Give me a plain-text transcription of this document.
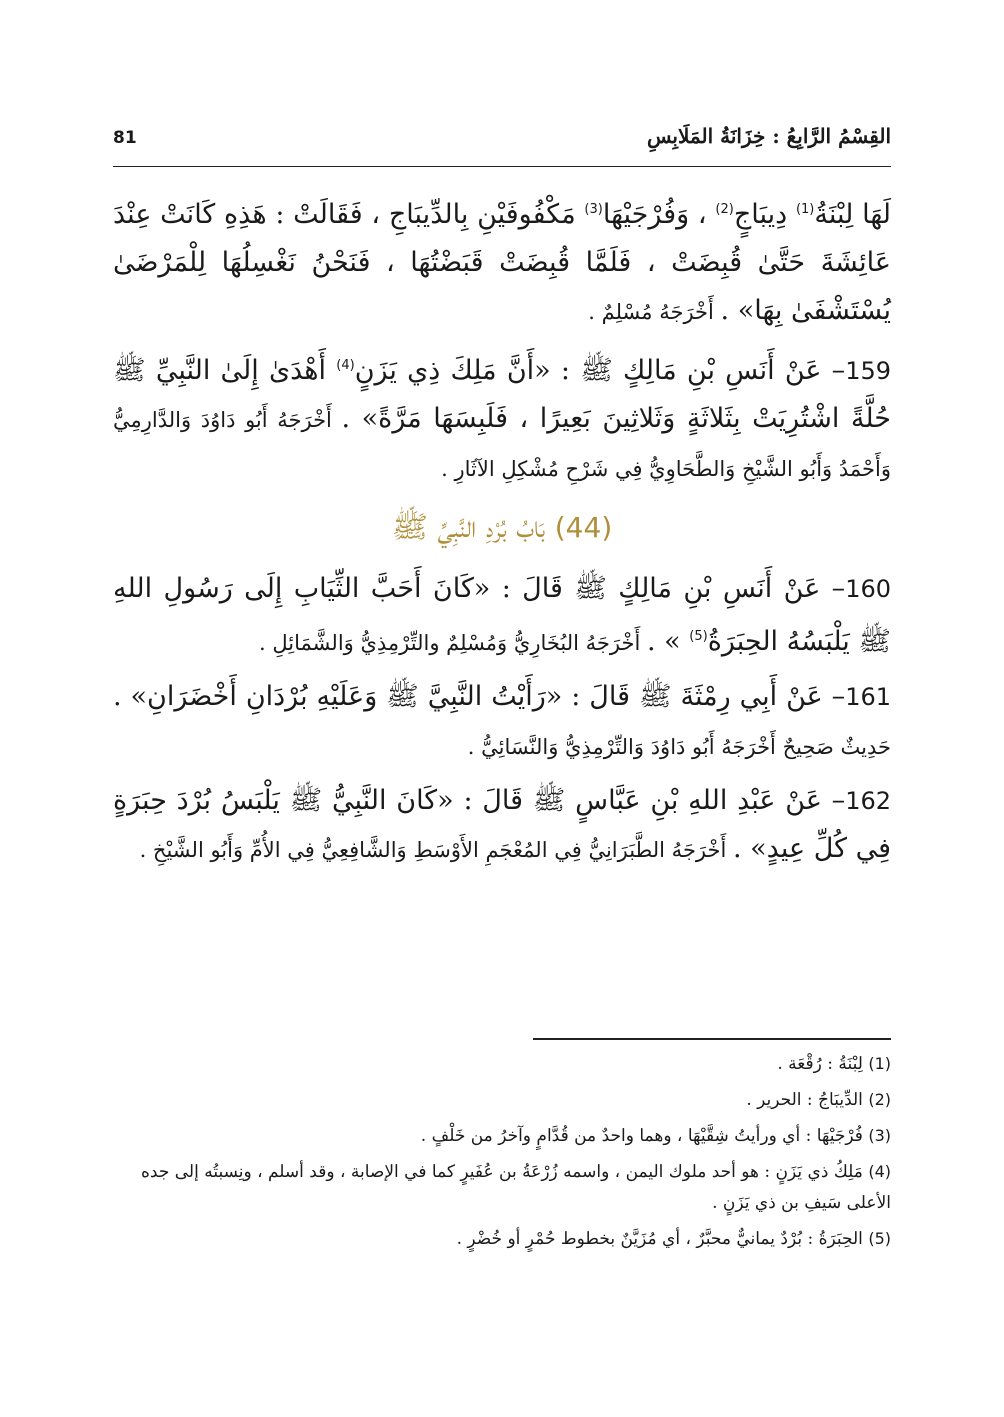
81	القِسْمُ الرَّابِعُ : خِزَانَةُ المَلَابِسِ

لَهَا لِبْنَةُ$^{(1)}$ دِيبَاجٍ$^{(2)}$ ، وَفُرْجَيْهَا$^{(3)}$ مَكْفُوفَيْنِ بِالدِّيبَاجِ ، فَقَالَتْ : هَذِهِ كَانَتْ عِنْدَ عَائِشَةَ حَتَّىٰ قُبِضَتْ ، فَلَمَّا قُبِضَتْ قَبَضْتُهَا ، فَنَحْنُ نَغْسِلُهَا لِلْمَرْضَىٰ يُسْتَشْفَىٰ بِهَا» . أَخْرَجَهُ مُسْلِمٌ .

159– عَنْ أَنَسِ بْنِ مَالِكٍ ﷺ : «أَنَّ مَلِكَ ذِي يَزَنٍ$^{(4)}$ أَهْدَىٰ إِلَىٰ النَّبِيِّ ﷺ حُلَّةً اشْتُرِيَتْ بِثَلاثَةٍ وَثَلاثِينَ بَعِيرًا ، فَلَبِسَهَا مَرَّةً» . أَخْرَجَهُ أَبُو دَاوُدَ وَالدَّارِمِيُّ وَأَحْمَدُ وَأَبُو الشَّيْخِ وَالطَّحَاوِيُّ فِي شَرْحِ مُشْكِلِ الآثَارِ .

(44) بَابُ بُرْدِ النَّبِيِّ ﷺ

160– عَنْ أَنَسِ بْنِ مَالِكٍ ﷺ قَالَ : «كَانَ أَحَبَّ الثِّيَابِ إِلَى رَسُولِ اللهِ ﷺ يَلْبَسُهُ الحِبَرَةُ$^{(5)}$ » . أَخْرَجَهُ البُخَارِيُّ وَمُسْلِمٌ والتِّرْمِذِيُّ وَالشَّمَائِلِ .

161– عَنْ أَبِي رِمْثَةَ ﷺ قَالَ : «رَأَيْتُ النَّبِيَّ ﷺ وَعَلَيْهِ بُرْدَانِ أَخْضَرَانِ» . حَدِيثٌ صَحِيحٌ أَخْرَجَهُ أَبُو دَاوُدَ وَالتِّرْمِذِيُّ وَالنَّسَائِيُّ .

162– عَنْ عَبْدِ اللهِ بْنِ عَبَّاسٍ ﷺ قَالَ : «كَانَ النَّبِيُّ ﷺ يَلْبَسُ بُرْدَ حِبَرَةٍ فِي كُلِّ عِيدٍ» . أَخْرَجَهُ الطَّبَرَانِيُّ فِي المُعْجَمِ الأَوْسَطِ وَالشَّافِعِيُّ فِي الأُمِّ وَأَبُو الشَّيْخِ .

(1) لِبْنَةُ : رُقْعَة .

(2) الدِّيبَاجُ : الحرير .

(3) فُرْجَيْهَا : أي ورأيتُ شِقَّيْهَا ، وهما واحدٌ من قُدَّامٍ وآخرُ من خَلْفٍ .

(4) مَلِكُ ذي يَزَنٍ : هو أحد ملوك اليمن ، واسمه زُرْعَةُ بن عُفَيرٍ كما في الإصابة ، وقد أسلم ، ونِسبتُه إلى جده الأعلى سَيفِ بن ذي يَزَنٍ .

(5) الحِبَرَةُ : بُرْدٌ يمانيٌّ محبَّرٌ ، أي مُزَيَّنٌ بخطوط حُمْرٍ أو خُضْرٍ .
